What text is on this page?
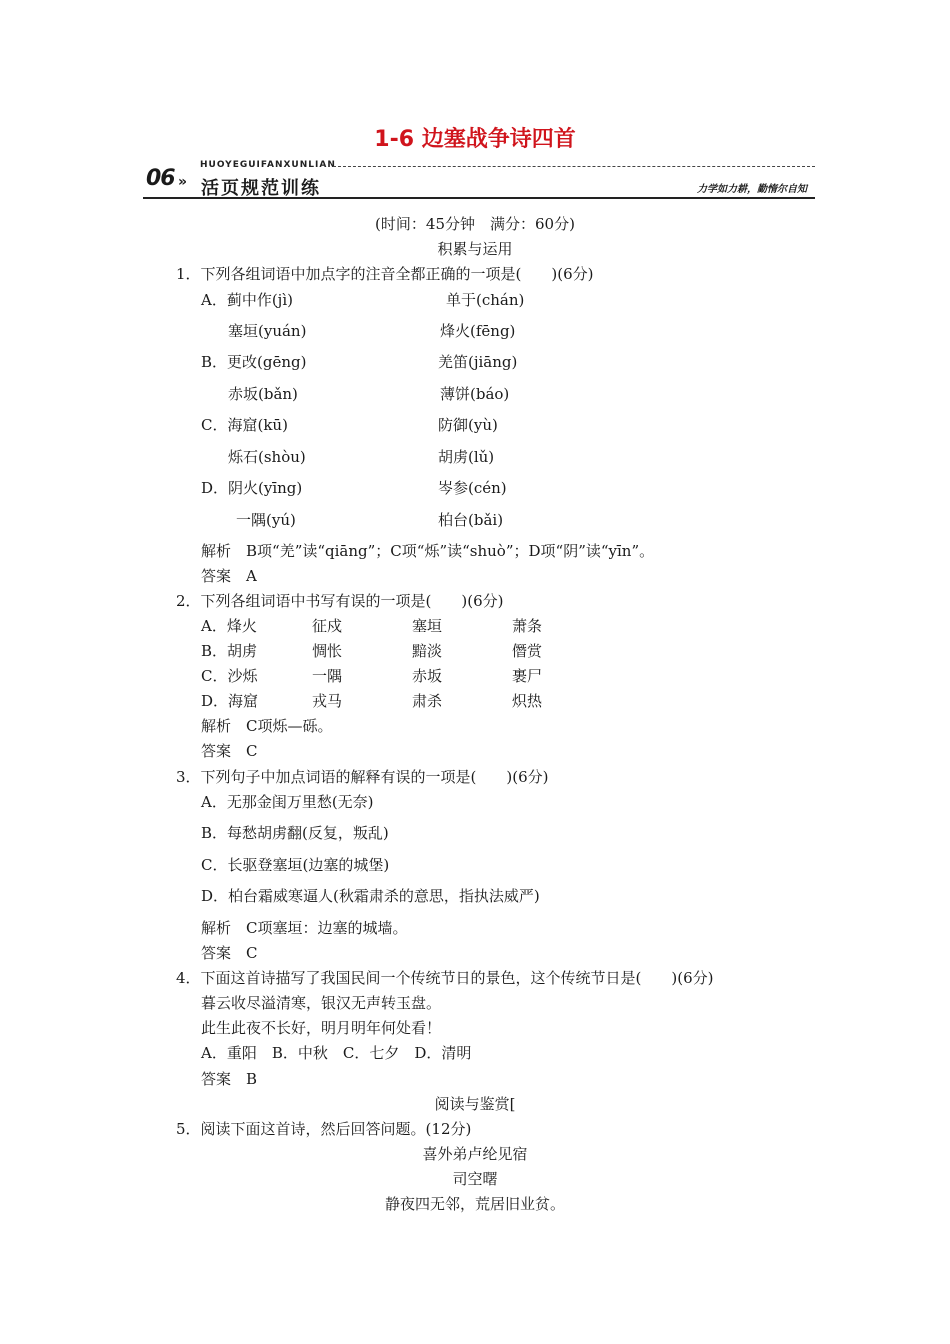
1-6 边塞战争诗四首
06 »
HUOYEGUIFANXUNLIAN
活页规范训练	力学如力耕，勤惰尔自知
(时间：45分钟　满分：60分)
积累与运用
1．下列各组词语中加点字的注音全都正确的一项是(　　)(6分)
A．蓟中作(jì)	单于(chán)
塞垣(yuán)	烽火(fēng)
B．更改(gēng)	羌笛(jiāng)
赤坂(bǎn)	薄饼(báo)
C．海窟(kū)	防御(yù)
烁石(shòu)	胡虏(lǔ)
D．阴火(yīng)	岑参(cén)
一隅(yú)	柏台(bǎi)
解析　B项“羌”读“qiāng”；C项“烁”读“shuò”；D项“阴”读“yīn”。
答案　A
2．下列各组词语中书写有误的一项是(　　)(6分)
A．烽火	征戍	塞垣	萧条
B．胡虏	惆怅	黯淡	僭赏
C．沙烁	一隅	赤坂	裹尸
D．海窟	戎马	肃杀	炽热
解析　C项烁—砾。
答案　C
3．下列句子中加点词语的解释有误的一项是(　　)(6分)
A．无那金闺万里愁(无奈)
B．每愁胡虏翻(反复，叛乱)
C．长驱登塞垣(边塞的城堡)
D．柏台霜威寒逼人(秋霜肃杀的意思，指执法威严)
解析　C项塞垣：边塞的城墙。
答案　C
4．下面这首诗描写了我国民间一个传统节日的景色，这个传统节日是(　　)(6分)
暮云收尽溢清寒，银汉无声转玉盘。
此生此夜不长好，明月明年何处看！
A．重阳　B．中秋　C．七夕　D．清明
答案　B
阅读与鉴赏[
5．阅读下面这首诗，然后回答问题。(12分)
喜外弟卢纶见宿
司空曙
静夜四无邻，荒居旧业贫。
